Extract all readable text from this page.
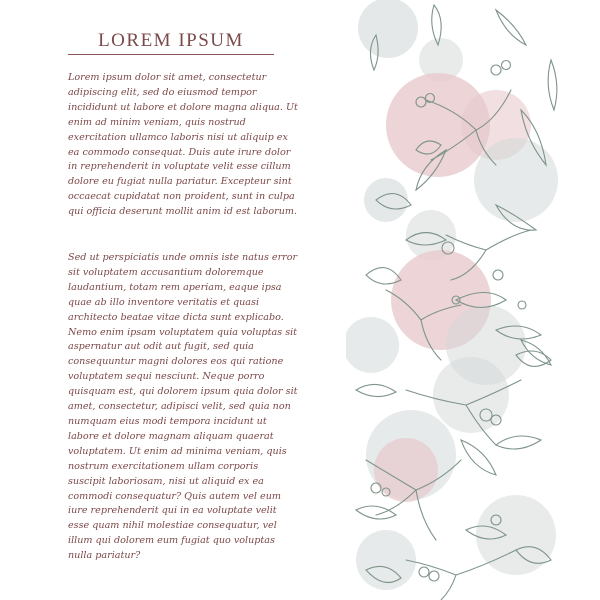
LOREM IPSUM

Lorem ipsum dolor sit amet, consectetur adipiscing elit, sed do eiusmod tempor incididunt ut labore et dolore magna aliqua. Ut enim ad minim veniam, quis nostrud exercitation ullamco laboris nisi ut aliquip ex ea commodo consequat. Duis aute irure dolor in reprehenderit in voluptate velit esse cillum dolore eu fugiat nulla pariatur. Excepteur sint occaecat cupidatat non proident, sunt in culpa qui officia deserunt mollit anim id est laborum.

Sed ut perspiciatis unde omnis iste natus error sit voluptatem accusantium doloremque laudantium, totam rem aperiam, eaque ipsa quae ab illo inventore veritatis et quasi architecto beatae vitae dicta sunt explicabo. Nemo enim ipsam voluptatem quia voluptas sit aspernatur aut odit aut fugit, sed quia consequuntur magni dolores eos qui ratione voluptatem sequi nesciunt. Neque porro quisquam est, qui dolorem ipsum quia dolor sit amet, consectetur, adipisci velit, sed quia non numquam eius modi tempora incidunt ut labore et dolore magnam aliquam quaerat voluptatem. Ut enim ad minima veniam, quis nostrum exercitationem ullam corporis suscipit laboriosam, nisi ut aliquid ex ea commodi consequatur? Quis autem vel eum iure reprehenderit qui in ea voluptate velit esse quam nihil molestiae consequatur, vel illum qui dolorem eum fugiat quo voluptas nulla pariatur?
